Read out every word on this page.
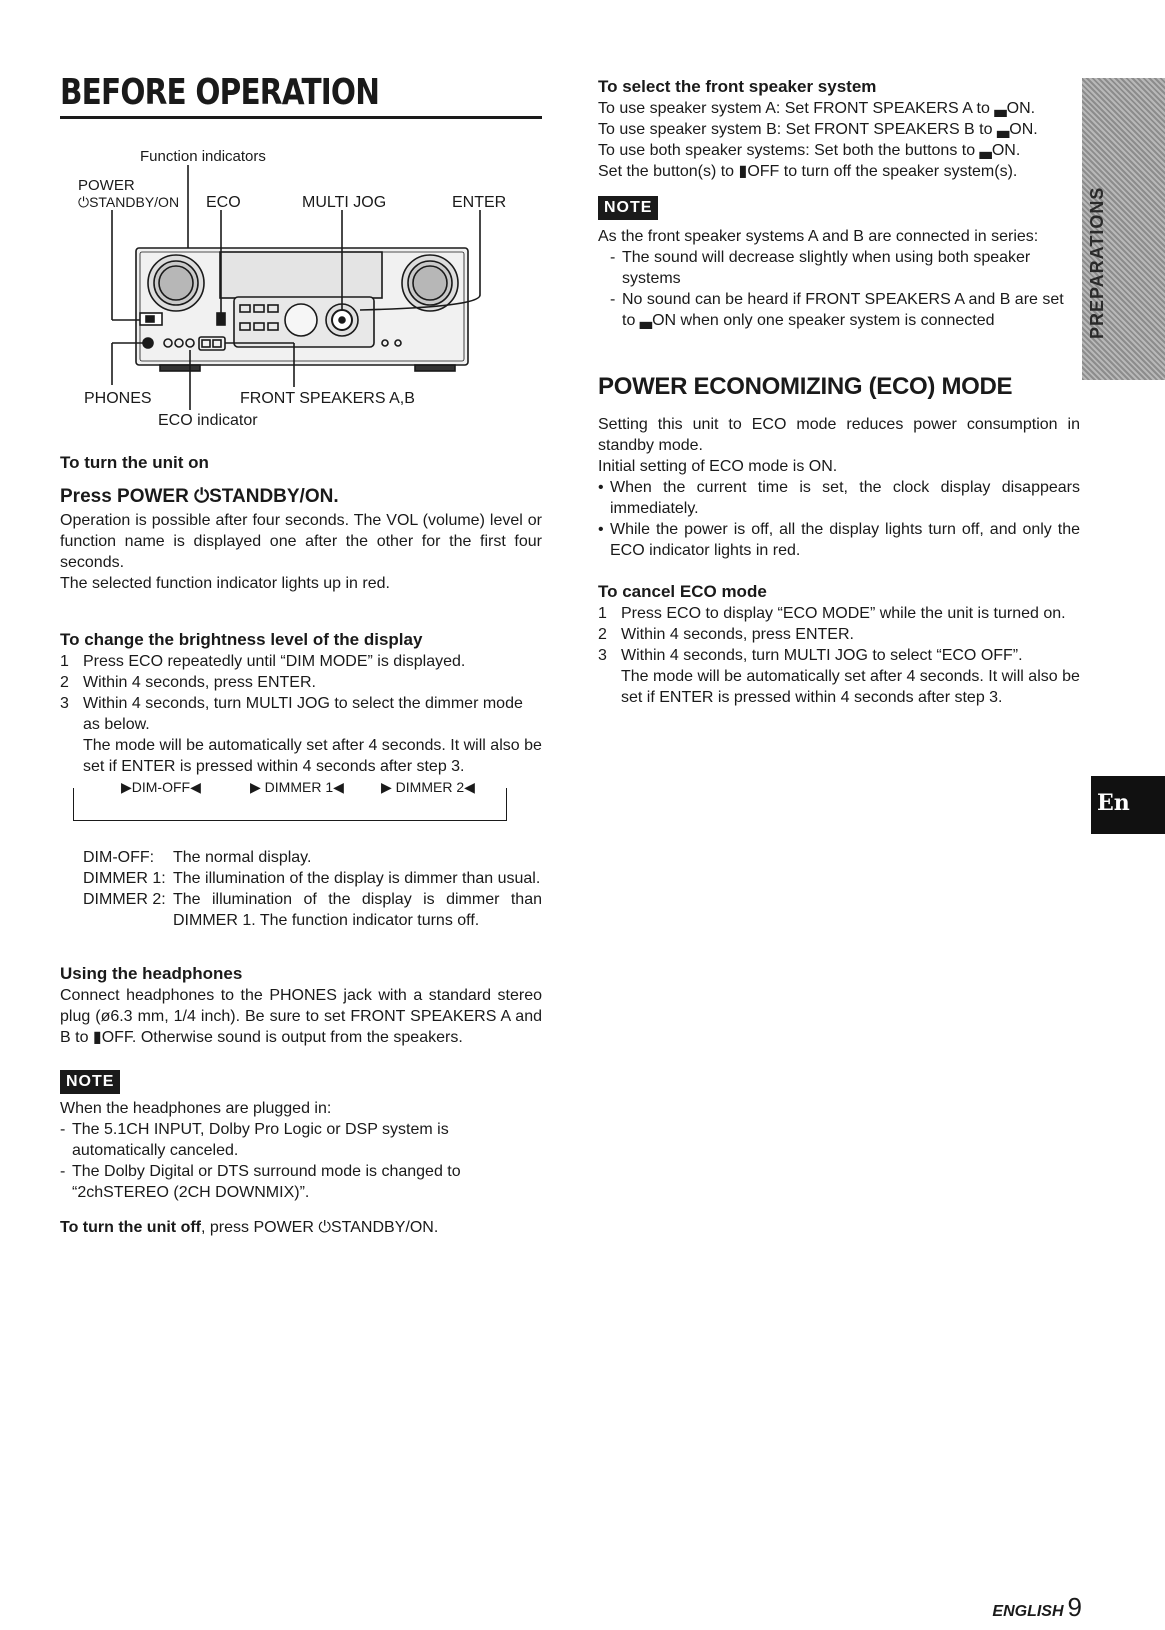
BEFORE OPERATION
Function indicators
POWER
⏻STANDBY/ON ECO	MULTI JOG	ENTER
PHONES	FRONT SPEAKERS A,B
ECO indicator

To turn the unit on

Press POWER ⏻STANDBY/ON.

Operation is possible after four seconds. The VOL (volume) level or function name is displayed one after the other for the first four seconds.

The selected function indicator lights up in red.

To change the brightness level of the display

1 Press ECO repeatedly until “DIM MODE” is displayed.
2 Within 4 seconds, press ENTER.
3 Within 4 seconds, turn MULTI JOG to select the dimmer mode as below.
The mode will be automatically set after 4 seconds. It will also be set if ENTER is pressed within 4 seconds after step 3.
▶DIM-OFF◀	▶ DIMMER 1◀	▶ DIMMER 2◀
DIM-OFF:	The normal display.
DIMMER 1: The illumination of the display is dimmer than usual.
DIMMER 2: The illumination of the display is dimmer than DIMMER 1. The function indicator turns off.

Using the headphones

Connect headphones to the PHONES jack with a standard stereo plug (ø6.3 mm, 1/4 inch). Be sure to set FRONT SPEAKERS A and B to ▮OFF. Otherwise sound is output from the speakers.

NOTE

When the headphones are plugged in:

- The 5.1CH INPUT, Dolby Pro Logic or DSP system is automatically canceled.
- The Dolby Digital or DTS surround mode is changed to “2chSTEREO (2CH DOWNMIX)”.

To turn the unit off, press POWER ⏻STANDBY/ON.

To select the front speaker system

To use speaker system A: Set FRONT SPEAKERS A to ▃ON.

To use speaker system B: Set FRONT SPEAKERS B to ▃ON.

To use both speaker systems: Set both the buttons to ▃ON.

Set the button(s) to ▮OFF to turn off the speaker system(s).

NOTE

As the front speaker systems A and B are connected in series:

- The sound will decrease slightly when using both speaker systems
- No sound can be heard if FRONT SPEAKERS A and B are set to ▃ON when only one speaker system is connected

POWER ECONOMIZING (ECO) MODE

Setting this unit to ECO mode reduces power consumption in standby mode.

Initial setting of ECO mode is ON.

• When the current time is set, the clock display disappears immediately.
• While the power is off, all the display lights turn off, and only the ECO indicator lights in red.

To cancel ECO mode

1 Press ECO to display “ECO MODE” while the unit is turned on.
2 Within 4 seconds, press ENTER.
3 Within 4 seconds, turn MULTI JOG to select “ECO OFF”.
The mode will be automatically set after 4 seconds. It will also be set if ENTER is pressed within 4 seconds after step 3.
PREPARATIONS
En
ENGLISH 9
